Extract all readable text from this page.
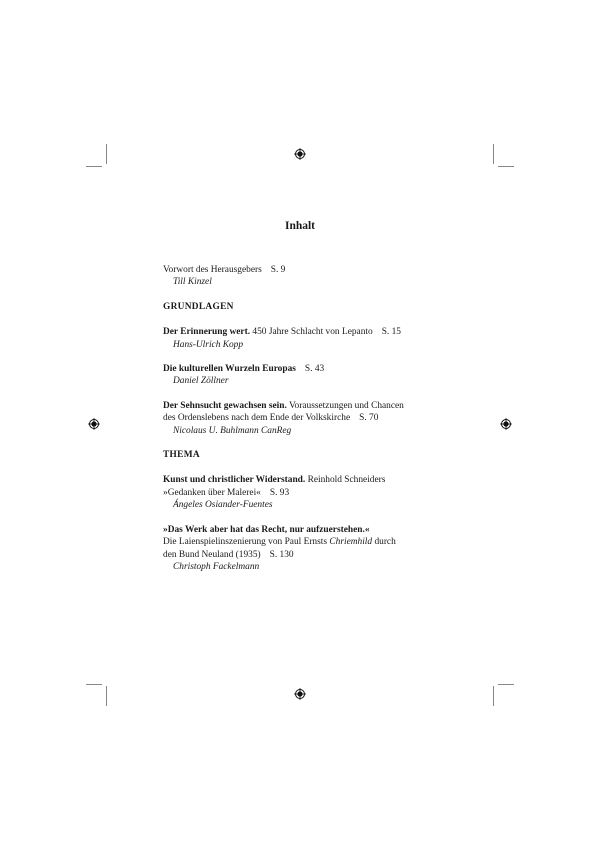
Inhalt
Vorwort des Herausgebers S. 9
Till Kinzel
GRUNDLAGEN
Der Erinnerung wert. 450 Jahre Schlacht von Lepanto S. 15
Hans-Ulrich Kopp
Die kulturellen Wurzeln Europas S. 43
Daniel Zöllner
Der Sehnsucht gewachsen sein. Voraussetzungen und Chancen
des Ordenslebens nach dem Ende der Volkskirche S. 70
Nicolaus U. Buhlmann CanReg
THEMA
Kunst und christlicher Widerstand. Reinhold Schneiders
»Gedanken über Malerei« S. 93
Ángeles Osiander-Fuentes
»Das Werk aber hat das Recht, nur aufzuerstehen.«
Die Laienspielinszenierung von Paul Ernsts Chriemhild durch
den Bund Neuland (1935) S. 130
Christoph Fackelmann
